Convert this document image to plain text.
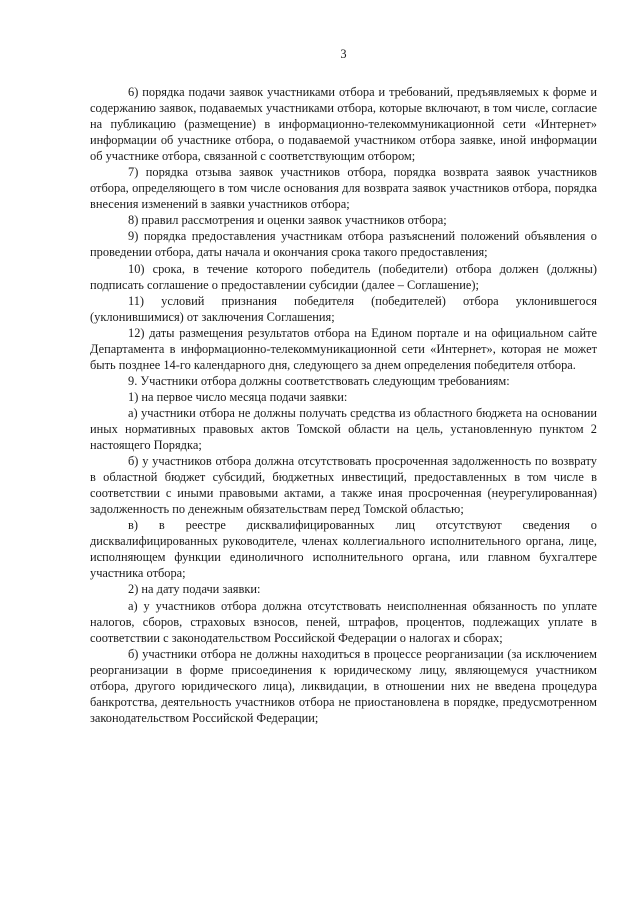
3

6) порядка подачи заявок участниками отбора и требований, предъявляемых к форме и содержанию заявок, подаваемых участниками отбора, которые включают, в том числе, согласие на публикацию (размещение) в информационно-телекоммуникационной сети «Интернет» информации об участнике отбора, о подаваемой участником отбора заявке, иной информации об участнике отбора, связанной с соответствующим отбором;

7) порядка отзыва заявок участников отбора, порядка возврата заявок участников отбора, определяющего в том числе основания для возврата заявок участников отбора, порядка внесения изменений в заявки участников отбора;

8) правил рассмотрения и оценки заявок участников отбора;

9) порядка предоставления участникам отбора разъяснений положений объявления о проведении отбора, даты начала и окончания срока такого предоставления;

10) срока, в течение которого победитель (победители) отбора должен (должны) подписать соглашение о предоставлении субсидии (далее – Соглашение);

11) условий признания победителя (победителей) отбора уклонившегося (уклонившимися) от заключения Соглашения;

12) даты размещения результатов отбора на Едином портале и на официальном сайте Департамента в информационно-телекоммуникационной сети «Интернет», которая не может быть позднее 14-го календарного дня, следующего за днем определения победителя отбора.

9. Участники отбора должны соответствовать следующим требованиям:

1) на первое число месяца подачи заявки:

а) участники отбора не должны получать средства из областного бюджета на основании иных нормативных правовых актов Томской области на цель, установленную пунктом 2 настоящего Порядка;

б) у участников отбора должна отсутствовать просроченная задолженность по возврату в областной бюджет субсидий, бюджетных инвестиций, предоставленных в том числе в соответствии с иными правовыми актами, а также иная просроченная (неурегулированная) задолженность по денежным обязательствам перед Томской областью;

в) в реестре дисквалифицированных лиц отсутствуют сведения о дисквалифицированных руководителе, членах коллегиального исполнительного органа, лице, исполняющем функции единоличного исполнительного органа, или главном бухгалтере участника отбора;

2) на дату подачи заявки:

а) у участников отбора должна отсутствовать неисполненная обязанность по уплате налогов, сборов, страховых взносов, пеней, штрафов, процентов, подлежащих уплате в соответствии с законодательством Российской Федерации о налогах и сборах;

б) участники отбора не должны находиться в процессе реорганизации (за исключением реорганизации в форме присоединения к юридическому лицу, являющемуся участником отбора, другого юридического лица), ликвидации, в отношении них не введена процедура банкротства, деятельность участников отбора не приостановлена в порядке, предусмотренном законодательством Российской Федерации;
